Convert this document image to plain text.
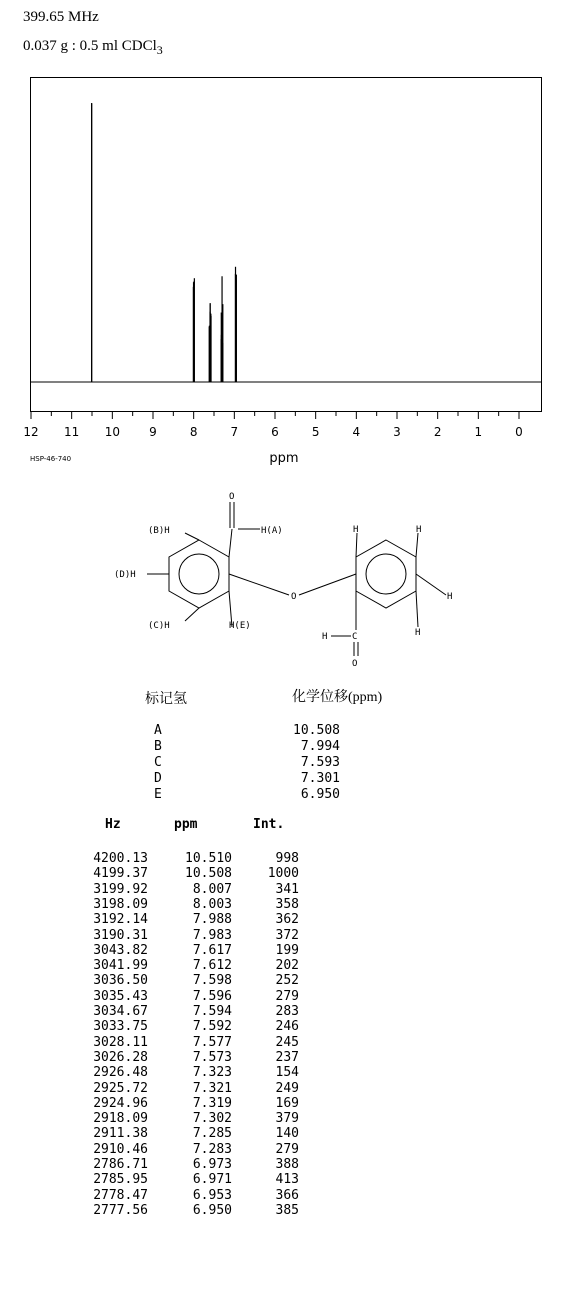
399.65 MHz
0.037 g : 0.5 ml CDCl$_3$
12 11 10 9	8	7	6	5	4	3	2	1	0
ppm
HSP-46-740
O
H(A)
(B)H
(D)H
(C)H	H(E)
O
H	H
H
H
H	C
O
标记氢	化学位移(ppm)
A	10.508
B	7.994
C	7.593
D	7.301
E	6.950
Hz	ppm	Int.
4200.13	10.510	998
4199.37	10.508	1000
3199.92	8.007	341
3198.09	8.003	358
3192.14	7.988	362
3190.31	7.983	372
3043.82	7.617	199
3041.99	7.612	202
3036.50	7.598	252
3035.43	7.596	279
3034.67	7.594	283
3033.75	7.592	246
3028.11	7.577	245
3026.28	7.573	237
2926.48	7.323	154
2925.72	7.321	249
2924.96	7.319	169
2918.09	7.302	379
2911.38	7.285	140
2910.46	7.283	279
2786.71	6.973	388
2785.95	6.971	413
2778.47	6.953	366
2777.56	6.950	385
